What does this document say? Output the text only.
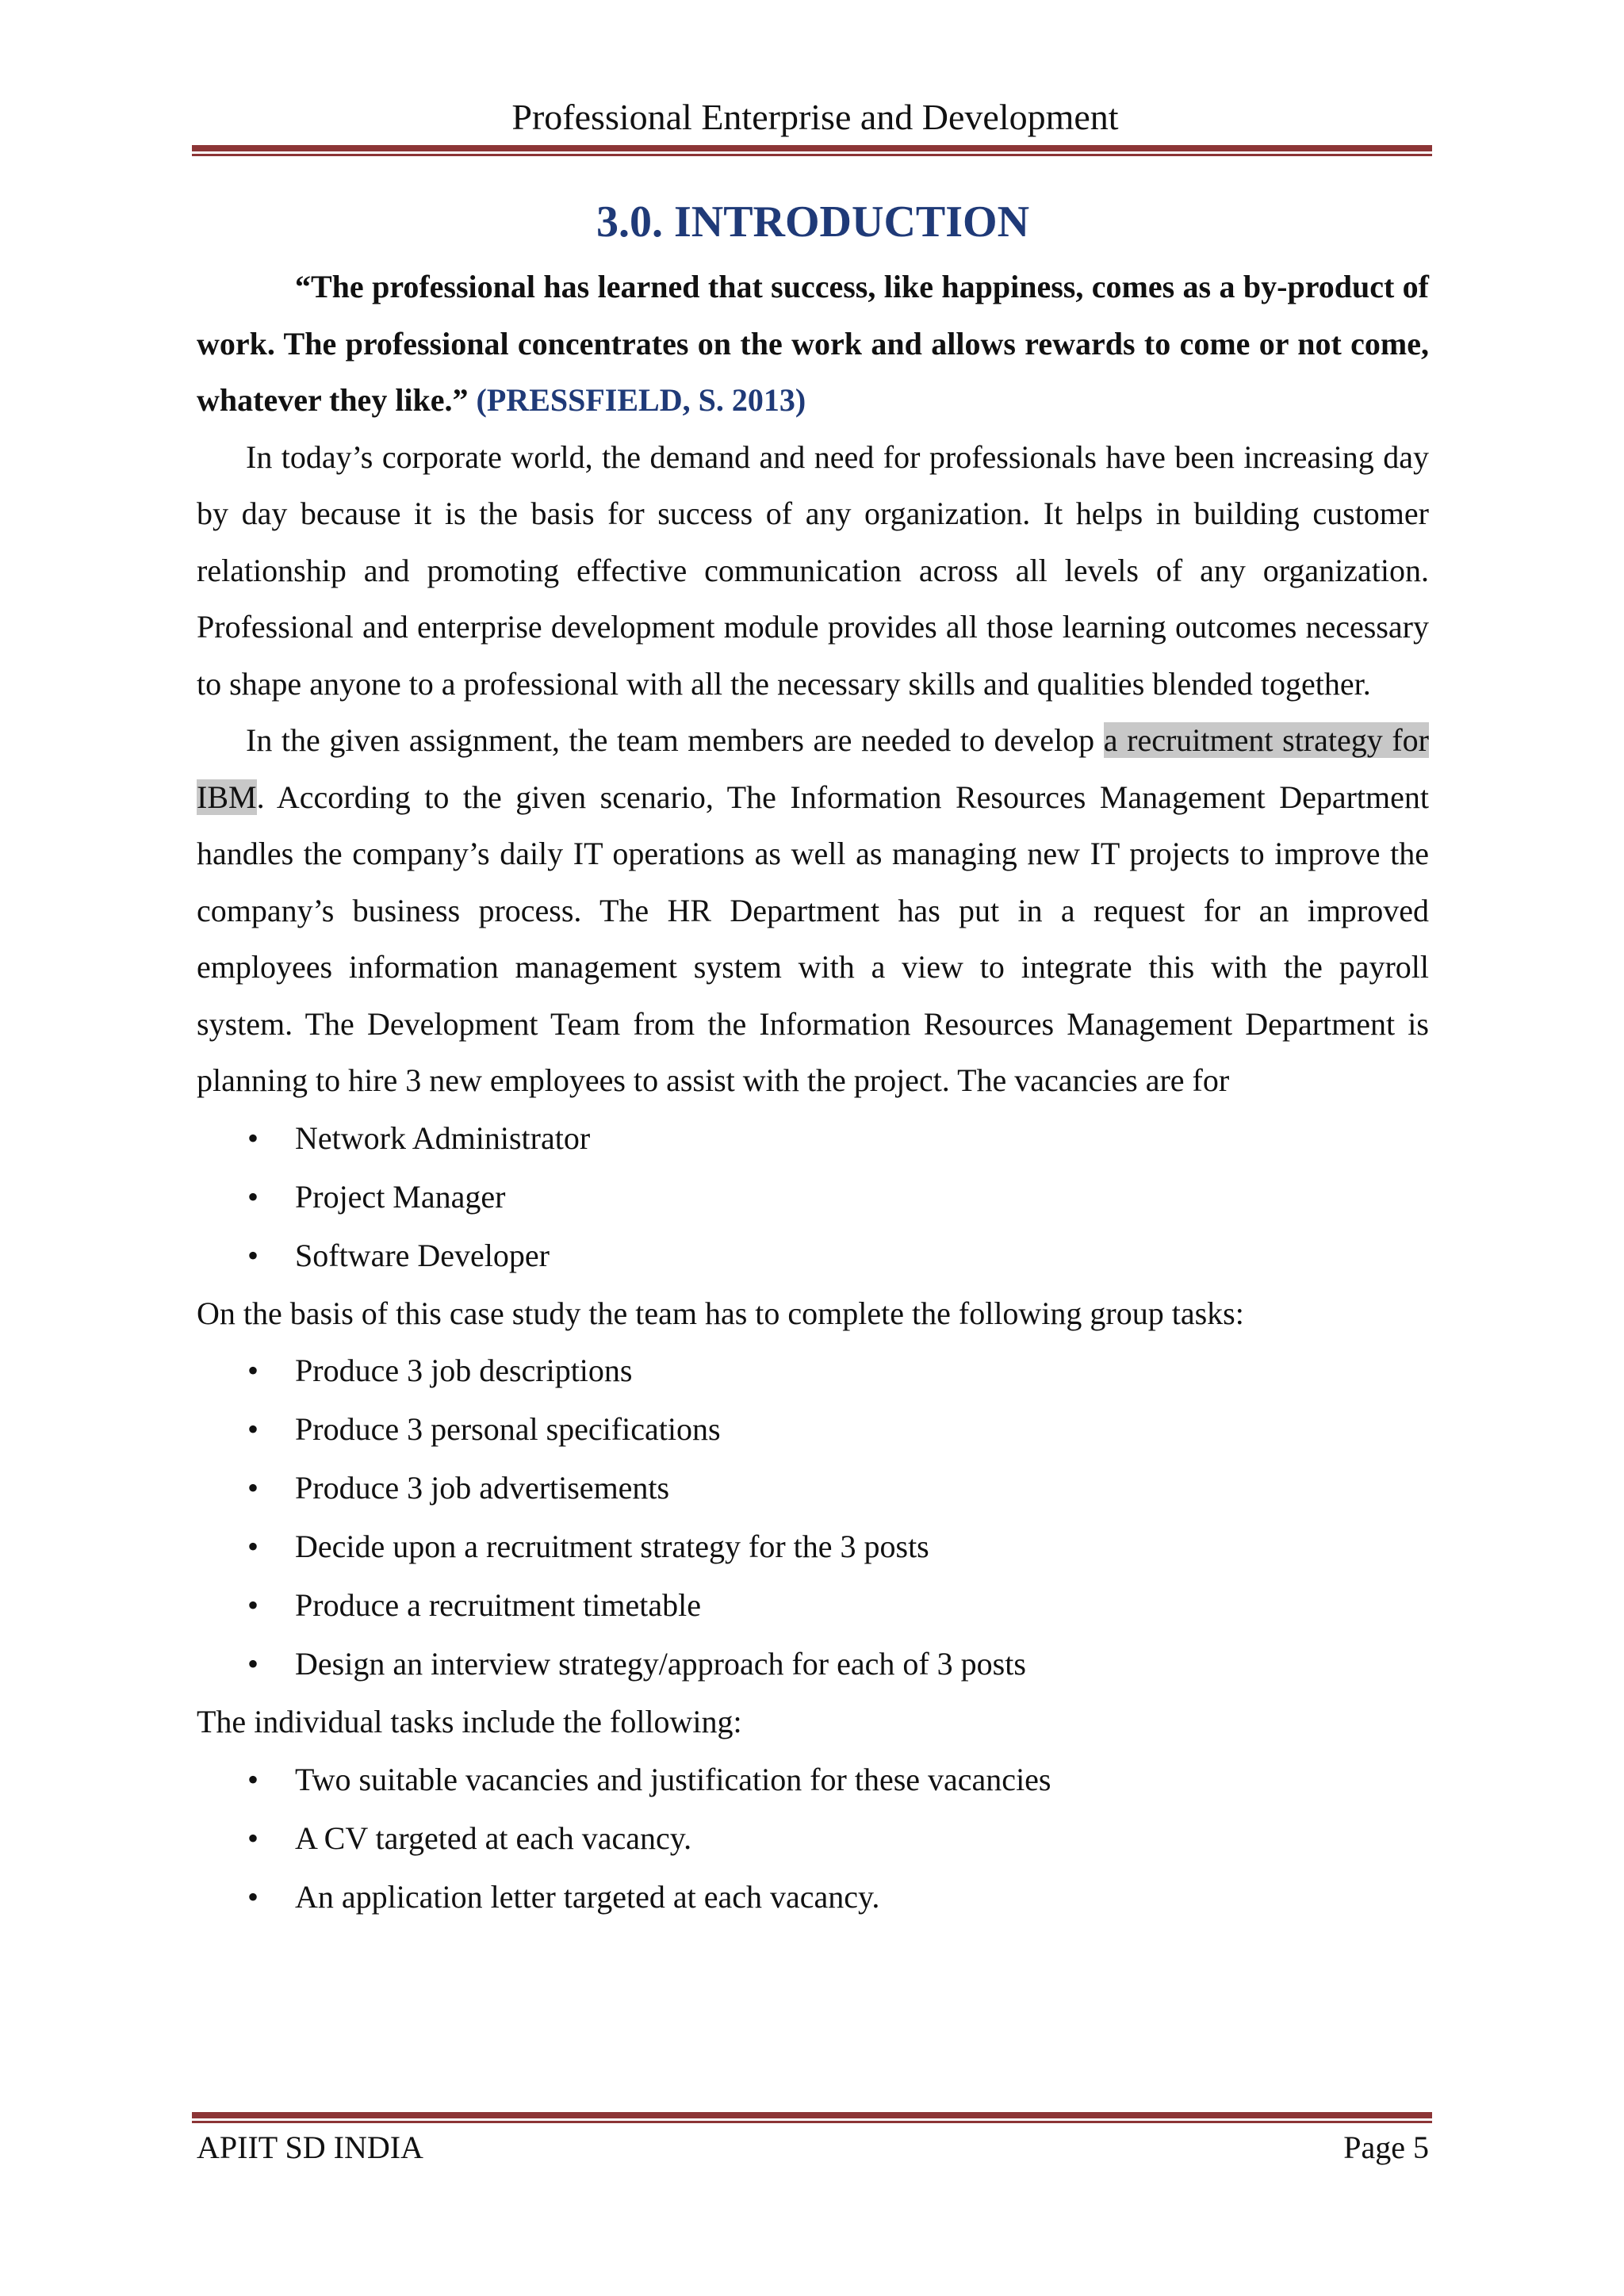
Professional Enterprise and Development
3.0. INTRODUCTION

“The professional has learned that success, like happiness, comes as a by-product of work. The professional concentrates on the work and allows rewards to come or not come, whatever they like.” (PRESSFIELD, S. 2013)

In today’s corporate world, the demand and need for professionals have been increasing day by day because it is the basis for success of any organization. It helps in building customer relationship and promoting effective communication across all levels of any organization. Professional and enterprise development module provides all those learning outcomes necessary to shape anyone to a professional with all the necessary skills and qualities blended together.

In the given assignment, the team members are needed to develop a recruitment strategy for IBM. According to the given scenario, The Information Resources Management Department handles the company’s daily IT operations as well as managing new IT projects to improve the company’s business process. The HR Department has put in a request for an improved employees information management system with a view to integrate this with the payroll system. The Development Team from the Information Resources Management Department is planning to hire 3 new employees to assist with the project. The vacancies are for

• Network Administrator
• Project Manager
• Software Developer

On the basis of this case study the team has to complete the following group tasks:

• Produce 3 job descriptions
• Produce 3 personal specifications
• Produce 3 job advertisements
• Decide upon a recruitment strategy for the 3 posts
• Produce a recruitment timetable
• Design an interview strategy/approach for each of 3 posts

The individual tasks include the following:

• Two suitable vacancies and justification for these vacancies
• A CV targeted at each vacancy.
• An application letter targeted at each vacancy.
APIIT SD INDIA	Page 5
